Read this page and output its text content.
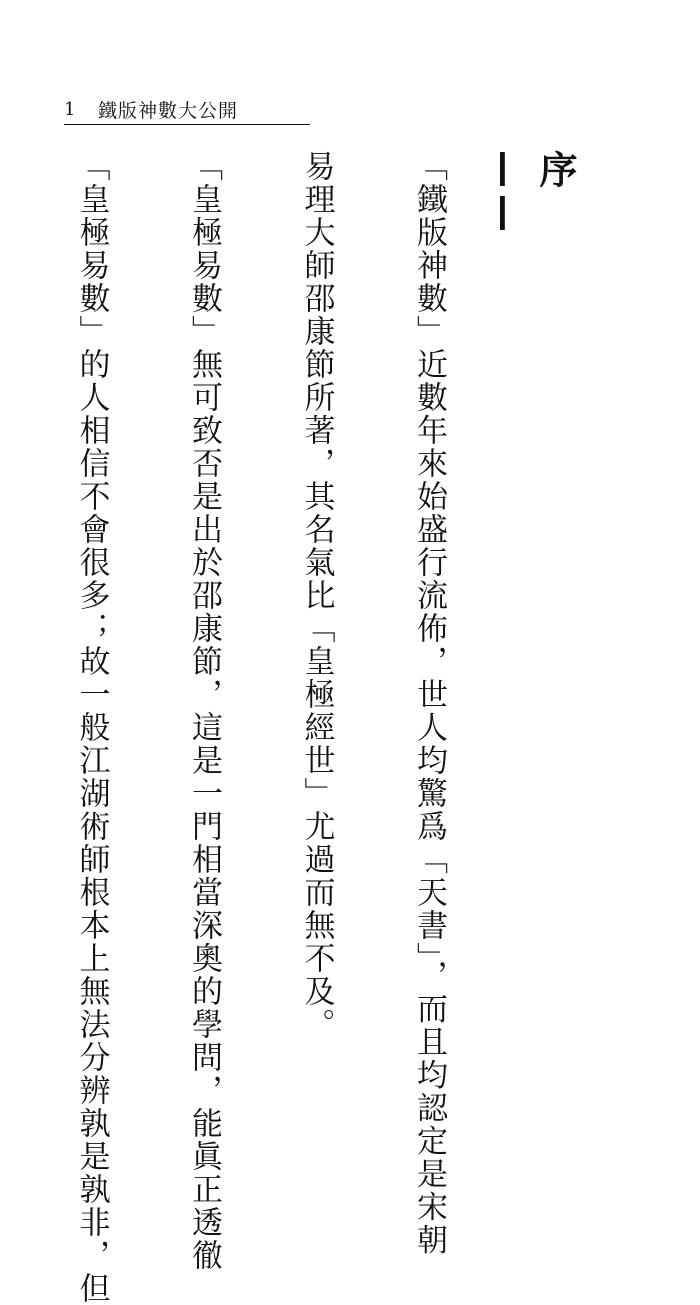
1	鐵版神數大公開
序——

「鐵版神數」近數年來始盛行流佈，世人均驚爲「天書」，而且均認定是宋朝

易理大師邵康節所著，其名氣比「皇極經世」尤過而無不及。

「皇極易數」無可致否是出於邵康節，這是一門相當深奧的學問，能眞正透徹

「皇極易數」的人相信不會很多；故一般江湖術師根本上無法分辨孰是孰非，但
